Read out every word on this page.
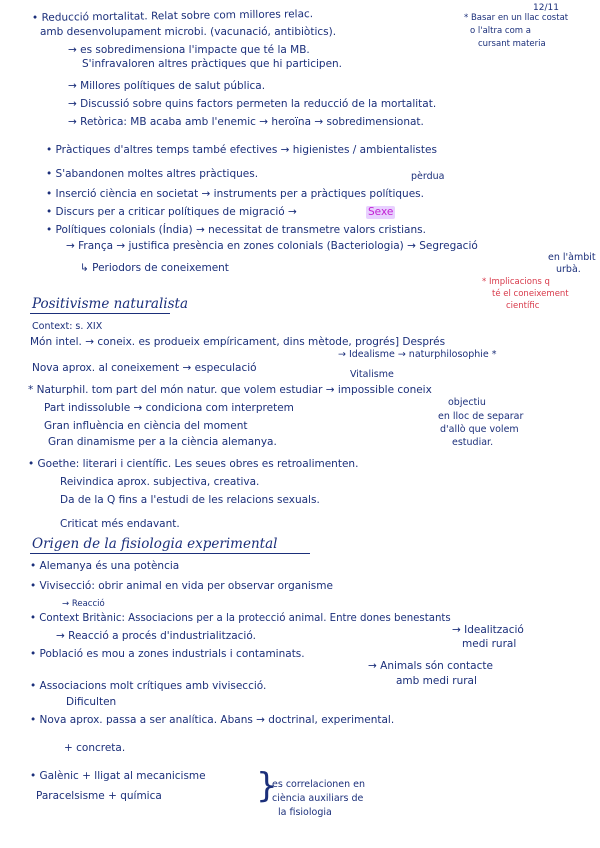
12/11
* Basar en un llac costat
o l'altra com a
cursant materia
• Reducció mortalitat. Relat sobre com millores relac.
amb desenvolupament microbi. (vacunació, antibiòtics).
→ es sobredimensiona l'impacte que té la MB.
S'infravaloren altres pràctiques que hi participen.
→ Millores polítiques de salut pública.
→ Discussió sobre quins factors permeten la reducció de la mortalitat.
→ Retòrica: MB acaba amb l'enemic → heroïna → sobredimensionat.
• Pràctiques d'altres temps també efectives → higienistes / ambientalistes
• S'abandonen moltes altres pràctiques.	pèrdua
• Inserció ciència en societat → instruments per a pràctiques polítiques.
• Discurs per a criticar polítiques de migració →	Sexe
• Polítiques colonials (Índia) → necessitat de transmetre valors cristians.
→ França → justifica presència en zones colonials (Bacteriologia) → Segregació
en l'àmbit
urbà.
↳ Periodors de coneixement
* Implicacions q
té el coneixement
científic
Positivisme naturalista
Context: s. XIX
Món intel. → coneix. es produeix empíricament, dins mètode, progrés] Després
Nova aprox. al coneixement → especulació
→ Idealisme → naturphilosophie *
Vitalisme
* Naturphil. tom part del món natur. que volem estudiar → impossible coneix
objectiu
Part indissoluble → condiciona com interpretem
Gran influència en ciència del moment
Gran dinamisme per a la ciència alemanya.
en lloc de separar
d'allò que volem
estudiar.
• Goethe: literari i científic. Les seues obres es retroalimenten.
Reivindica aprox. subjectiva, creativa.
Da de la Q fins a l'estudi de les relacions sexuals.
Criticat més endavant.
Origen de la fisiologia experimental
• Alemanya és una potència
• Vivisecció: obrir animal en vida per observar organisme
→ Reacció
• Context Britànic: Associacions per a la protecció animal. Entre dones benestants
→ Reacció a procés d'industrialització.	→ Idealització
medi rural
• Població es mou a zones industrials i contaminats.
→ Animals són contacte
amb medi rural
• Associacions molt crítiques amb vivisecció.
Dificulten
• Nova aprox. passa a ser analítica. Abans → doctrinal, experimental.
+ concreta.
• Galènic + lligat al mecanicisme
Paracelsisme + química	}
es correlacionen en
ciència auxiliars de
la fisiologia
